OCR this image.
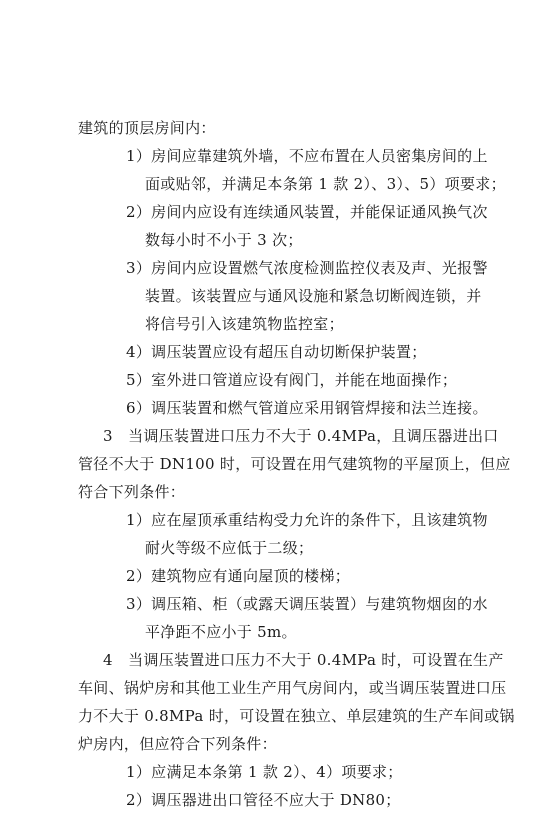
建筑的顶层房间内：
1）房间应靠建筑外墙，不应布置在人员密集房间的上
面或贴邻，并满足本条第 1 款 2）、3）、5）项要求；
2）房间内应设有连续通风装置，并能保证通风换气次
数每小时不小于 3 次；
3）房间内应设置燃气浓度检测监控仪表及声、光报警
装置。该装置应与通风设施和紧急切断阀连锁，并
将信号引入该建筑物监控室；
4）调压装置应设有超压自动切断保护装置；
5）室外进口管道应设有阀门，并能在地面操作；
6）调压装置和燃气管道应采用钢管焊接和法兰连接。
3　当调压装置进口压力不大于 0.4MPa，且调压器进出口
管径不大于 DN100 时，可设置在用气建筑物的平屋顶上，但应
符合下列条件：
1）应在屋顶承重结构受力允许的条件下，且该建筑物
耐火等级不应低于二级；
2）建筑物应有通向屋顶的楼梯；
3）调压箱、柜（或露天调压装置）与建筑物烟囱的水
平净距不应小于 5m。
4　当调压装置进口压力不大于 0.4MPa 时，可设置在生产
车间、锅炉房和其他工业生产用气房间内，或当调压装置进口压
力不大于 0.8MPa 时，可设置在独立、单层建筑的生产车间或锅
炉房内，但应符合下列条件：
1）应满足本条第 1 款 2）、4）项要求；
2）调压器进出口管径不应大于 DN80；
